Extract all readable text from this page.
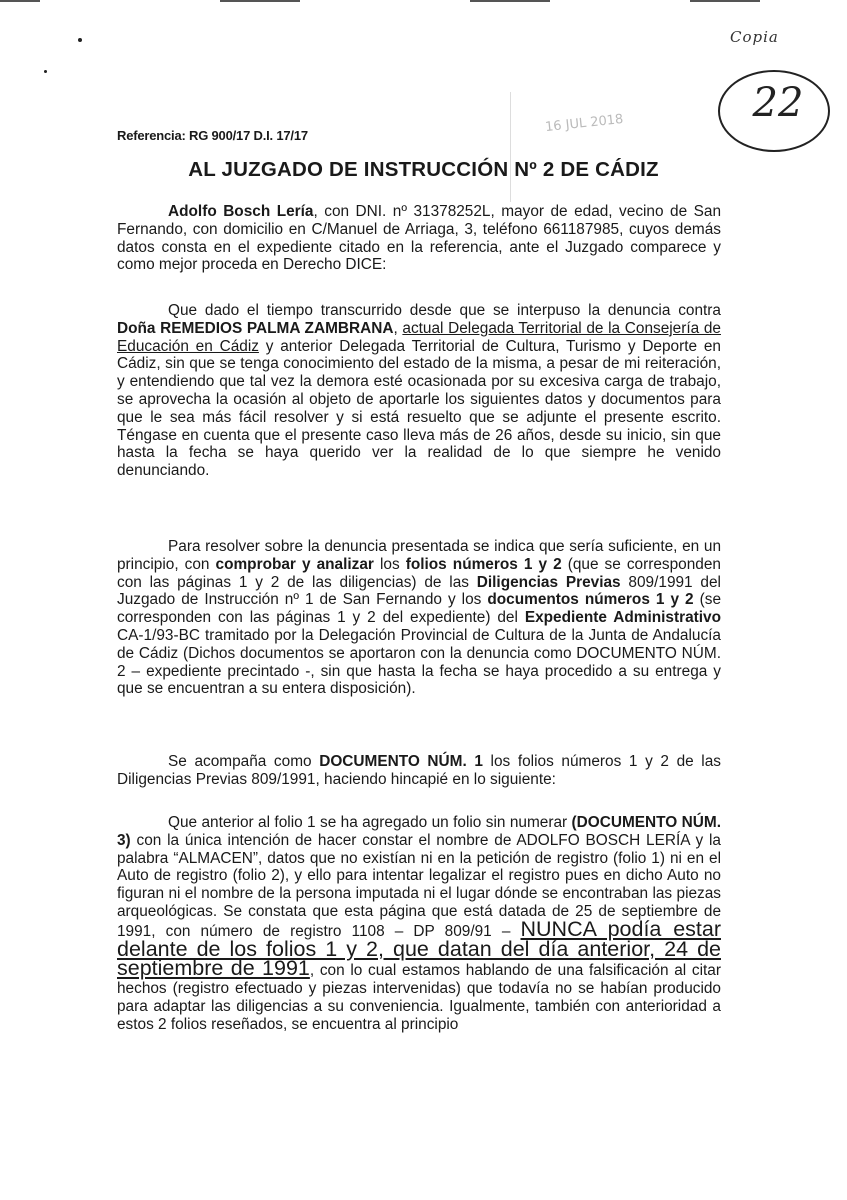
Copia
22
16 JUL 2018

Referencia: RG 900/17 D.I. 17/17

AL JUZGADO DE INSTRUCCIÓN Nº 2 DE CÁDIZ

Adolfo Bosch Lería, con DNI. nº 31378252L, mayor de edad, vecino de San Fernando, con domicilio en C/Manuel de Arriaga, 3, teléfono 661187985, cuyos demás datos consta en el expediente citado en la referencia, ante el Juzgado comparece y como mejor proceda en Derecho DICE:

Que dado el tiempo transcurrido desde que se interpuso la denuncia contra Doña REMEDIOS PALMA ZAMBRANA, actual Delegada Territorial de la Consejería de Educación en Cádiz y anterior Delegada Territorial de Cultura, Turismo y Deporte en Cádiz, sin que se tenga conocimiento del estado de la misma, a pesar de mi reiteración, y entendiendo que tal vez la demora esté ocasionada por su excesiva carga de trabajo, se aprovecha la ocasión al objeto de aportarle los siguientes datos y documentos para que le sea más fácil resolver y si está resuelto que se adjunte el presente escrito. Téngase en cuenta que el presente caso lleva más de 26 años, desde su inicio, sin que hasta la fecha se haya querido ver la realidad de lo que siempre he venido denunciando.

Para resolver sobre la denuncia presentada se indica que sería suficiente, en un principio, con comprobar y analizar los folios números 1 y 2 (que se corresponden con las páginas 1 y 2 de las diligencias) de las Diligencias Previas 809/1991 del Juzgado de Instrucción nº 1 de San Fernando y los documentos números 1 y 2 (se corresponden con las páginas 1 y 2 del expediente) del Expediente Administrativo CA-1/93-BC tramitado por la Delegación Provincial de Cultura de la Junta de Andalucía de Cádiz (Dichos documentos se aportaron con la denuncia como DOCUMENTO NÚM. 2 – expediente precintado -, sin que hasta la fecha se haya procedido a su entrega y que se encuentran a su entera disposición).

Se acompaña como DOCUMENTO NÚM. 1 los folios números 1 y 2 de las Diligencias Previas 809/1991, haciendo hincapié en lo siguiente:

Que anterior al folio 1 se ha agregado un folio sin numerar (DOCUMENTO NÚM. 3) con la única intención de hacer constar el nombre de ADOLFO BOSCH LERÍA y la palabra “ALMACEN”, datos que no existían ni en la petición de registro (folio 1) ni en el Auto de registro (folio 2), y ello para intentar legalizar el registro pues en dicho Auto no figuran ni el nombre de la persona imputada ni el lugar dónde se encontraban las piezas arqueológicas. Se constata que esta página que está datada de 25 de septiembre de 1991, con número de registro 1108 – DP 809/91 – NUNCA podía estar delante de los folios 1 y 2, que datan del día anterior, 24 de septiembre de 1991, con lo cual estamos hablando de una falsificación al citar hechos (registro efectuado y piezas intervenidas) que todavía no se habían producido para adaptar las diligencias a su conveniencia. Igualmente, también con anterioridad a estos 2 folios reseñados, se encuentra al principio
